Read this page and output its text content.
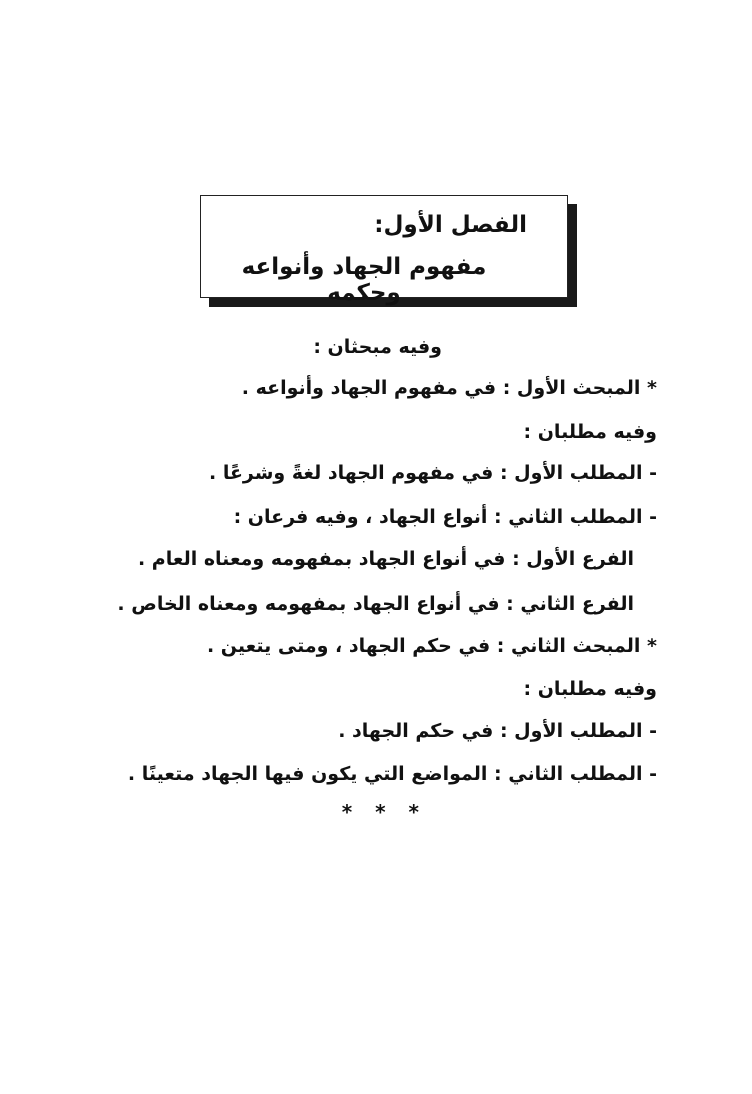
الفصل الأول:
مفهوم الجهاد وأنواعه وحكمه
وفيه مبحثان :
* المبحث الأول : في مفهوم الجهاد وأنواعه .
وفيه مطلبان :
- المطلب الأول : في مفهوم الجهاد لغةً وشرعًا .
- المطلب الثاني : أنواع الجهاد ، وفيه فرعان :
الفرع الأول : في أنواع الجهاد بمفهومه ومعناه العام .
الفرع الثاني : في أنواع الجهاد بمفهومه ومعناه الخاص .
* المبحث الثاني : في حكم الجهاد ، ومتى يتعين .
وفيه مطلبان :
- المطلب الأول : في حكم الجهاد .
- المطلب الثاني : المواضع التي يكون فيها الجهاد متعينًا .
* * *
